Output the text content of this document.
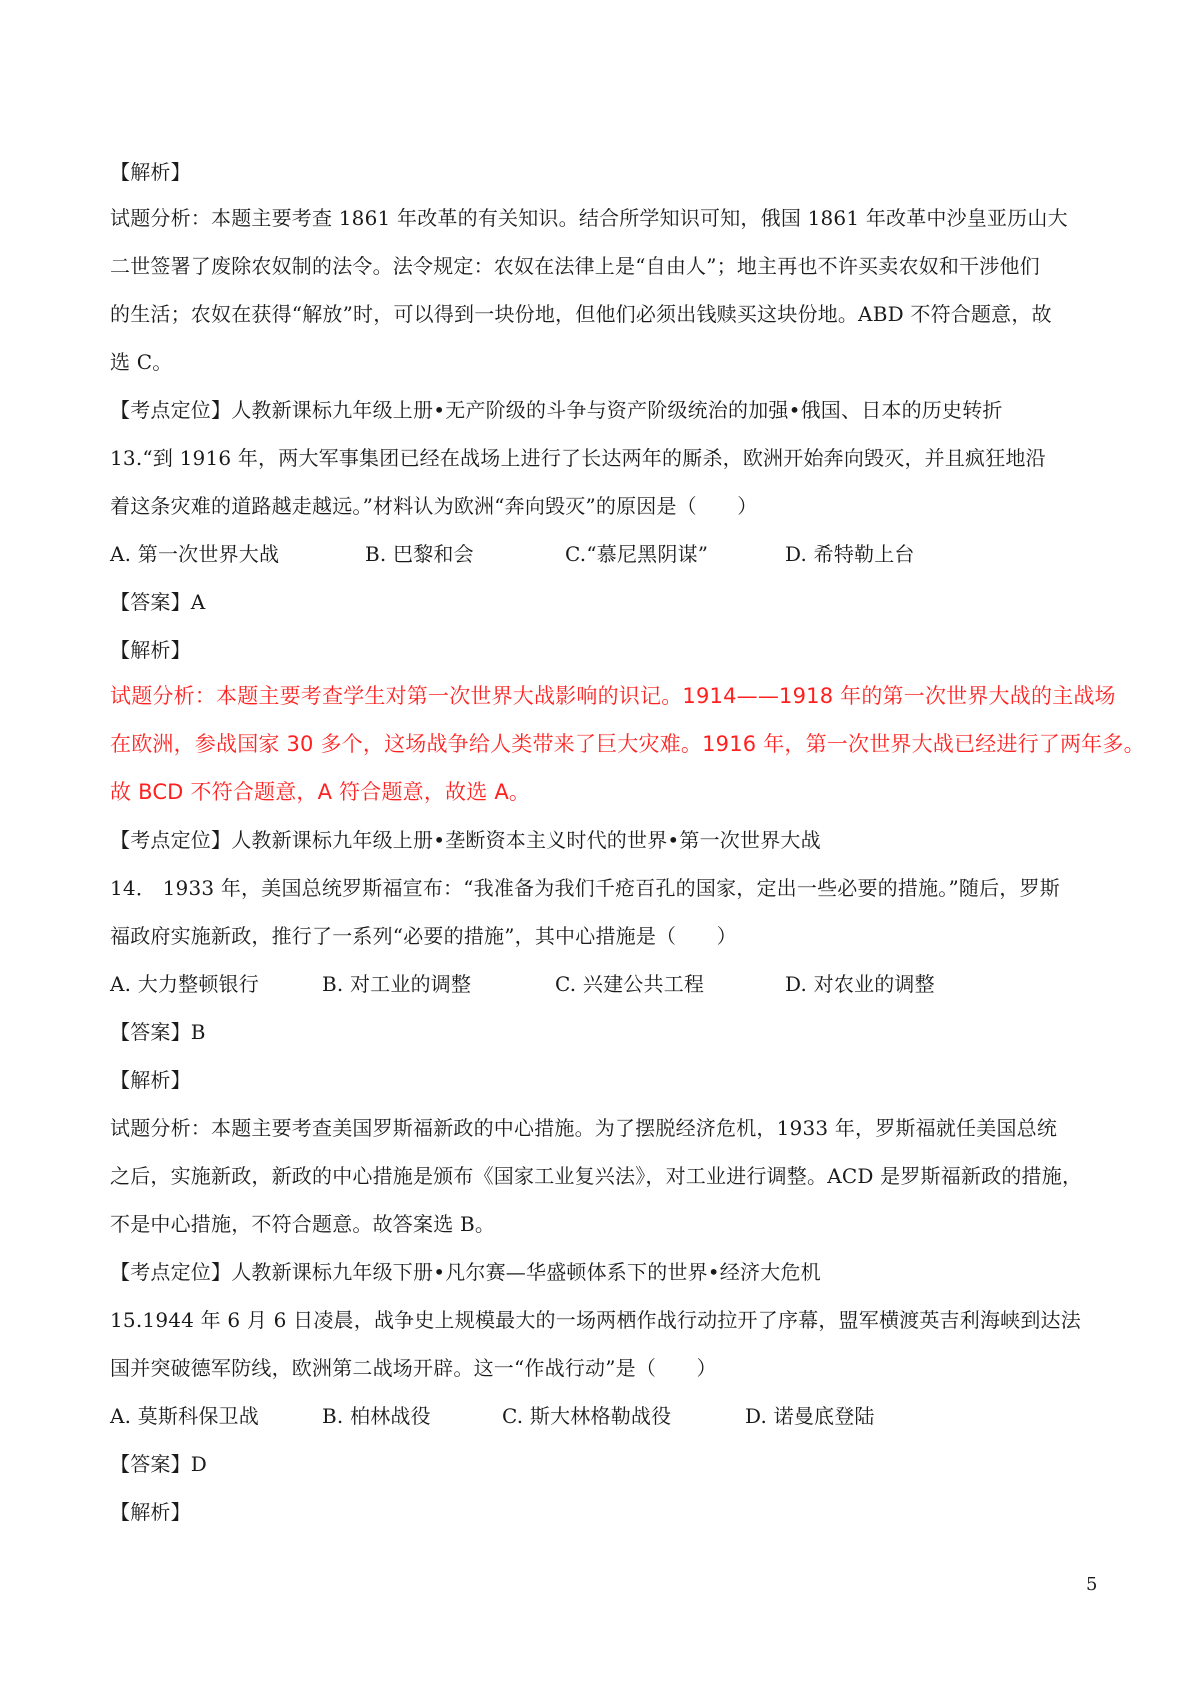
【解析】
试题分析：本题主要考查 1861 年改革的有关知识。结合所学知识可知，俄国 1861 年改革中沙皇亚历山大
二世签署了废除农奴制的法令。法令规定：农奴在法律上是“自由人”；地主再也不许买卖农奴和干涉他们
的生活；农奴在获得“解放”时，可以得到一块份地，但他们必须出钱赎买这块份地。ABD 不符合题意，故
选 C。
【考点定位】人教新课标九年级上册•无产阶级的斗争与资产阶级统治的加强•俄国、日本的历史转折
13.“到 1916 年，两大军事集团已经在战场上进行了长达两年的厮杀，欧洲开始奔向毁灭，并且疯狂地沿
着这条灾难的道路越走越远。”材料认为欧洲“奔向毁灭”的原因是（　　）
A. 第一次世界大战	B. 巴黎和会	C.“慕尼黑阴谋”	D. 希特勒上台
【答案】A
【解析】
试题分析：本题主要考查学生对第一次世界大战影响的识记。1914——1918 年的第一次世界大战的主战场
在欧洲，参战国家 30 多个，这场战争给人类带来了巨大灾难。1916 年，第一次世界大战已经进行了两年多。
故 BCD 不符合题意，A 符合题意，故选 A。
【考点定位】人教新课标九年级上册•垄断资本主义时代的世界•第一次世界大战
14． 1933 年，美国总统罗斯福宣布：“我准备为我们千疮百孔的国家，定出一些必要的措施。”随后，罗斯
福政府实施新政，推行了一系列“必要的措施”，其中心措施是（　　）
A. 大力整顿银行	B. 对工业的调整	C. 兴建公共工程	D. 对农业的调整
【答案】B
【解析】
试题分析：本题主要考查美国罗斯福新政的中心措施。为了摆脱经济危机，1933 年，罗斯福就任美国总统
之后，实施新政，新政的中心措施是颁布《国家工业复兴法》，对工业进行调整。ACD 是罗斯福新政的措施，
不是中心措施，不符合题意。故答案选 B。
【考点定位】人教新课标九年级下册•凡尔赛—华盛顿体系下的世界•经济大危机
15.1944 年 6 月 6 日凌晨，战争史上规模最大的一场两栖作战行动拉开了序幕，盟军横渡英吉利海峡到达法
国并突破德军防线，欧洲第二战场开辟。这一“作战行动”是（　　）
A. 莫斯科保卫战	B. 柏林战役	C. 斯大林格勒战役	D. 诺曼底登陆
【答案】D
【解析】
5
